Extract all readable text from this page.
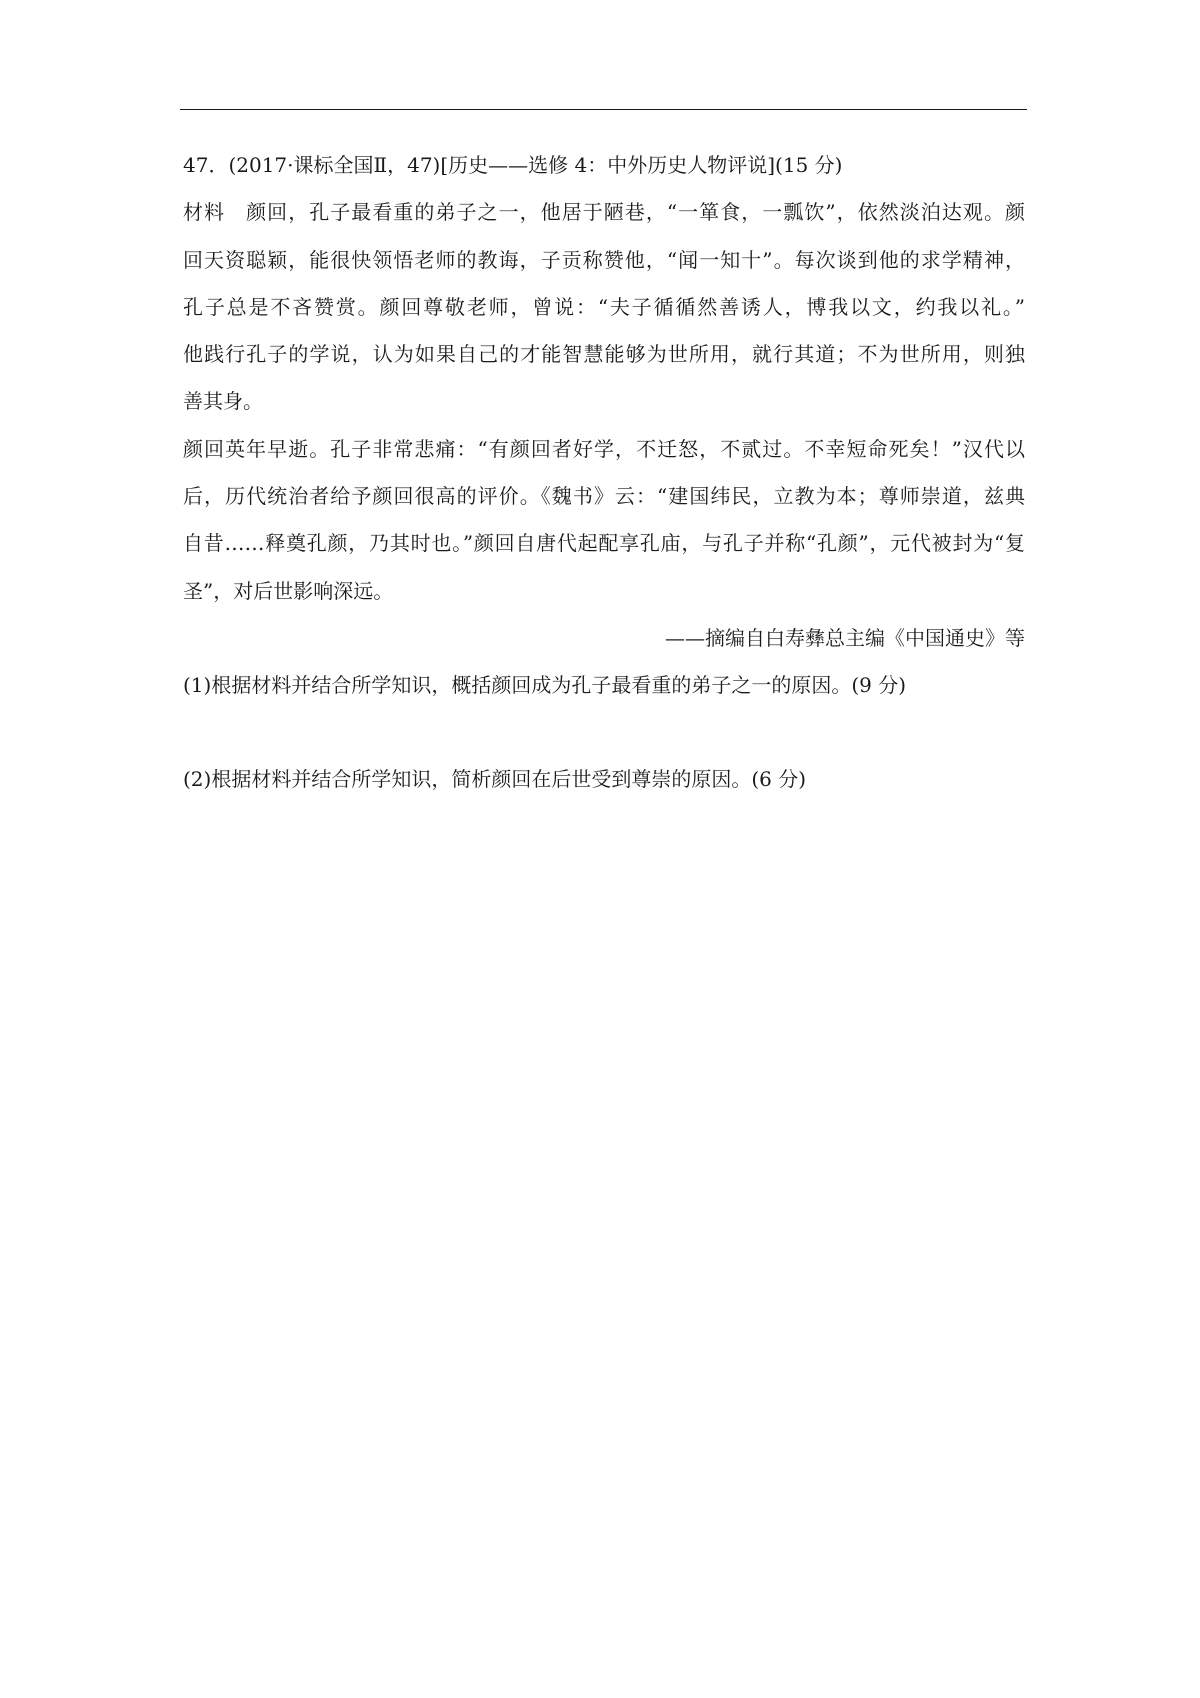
47．(2017·课标全国Ⅱ，47)[历史——选修 4：中外历史人物评说](15 分)
材料　颜回，孔子最看重的弟子之一，他居于陋巷，“一箪食，一瓢饮”，依然淡泊达观。颜
回天资聪颖，能很快领悟老师的教诲，子贡称赞他，“闻一知十”。每次谈到他的求学精神，
孔子总是不吝赞赏。颜回尊敬老师，曾说：“夫子循循然善诱人，博我以文，约我以礼。”
他践行孔子的学说，认为如果自己的才能智慧能够为世所用，就行其道；不为世所用，则独
善其身。
颜回英年早逝。孔子非常悲痛：“有颜回者好学，不迁怒，不贰过。不幸短命死矣！”汉代以
后，历代统治者给予颜回很高的评价。《魏书》云：“建国纬民，立教为本；尊师崇道，兹典
自昔……释奠孔颜，乃其时也。”颜回自唐代起配享孔庙，与孔子并称“孔颜”，元代被封为“复
圣”，对后世影响深远。
——摘编自白寿彝总主编《中国通史》等
(1)根据材料并结合所学知识，概括颜回成为孔子最看重的弟子之一的原因。(9 分)
(2)根据材料并结合所学知识，简析颜回在后世受到尊崇的原因。(6 分)
